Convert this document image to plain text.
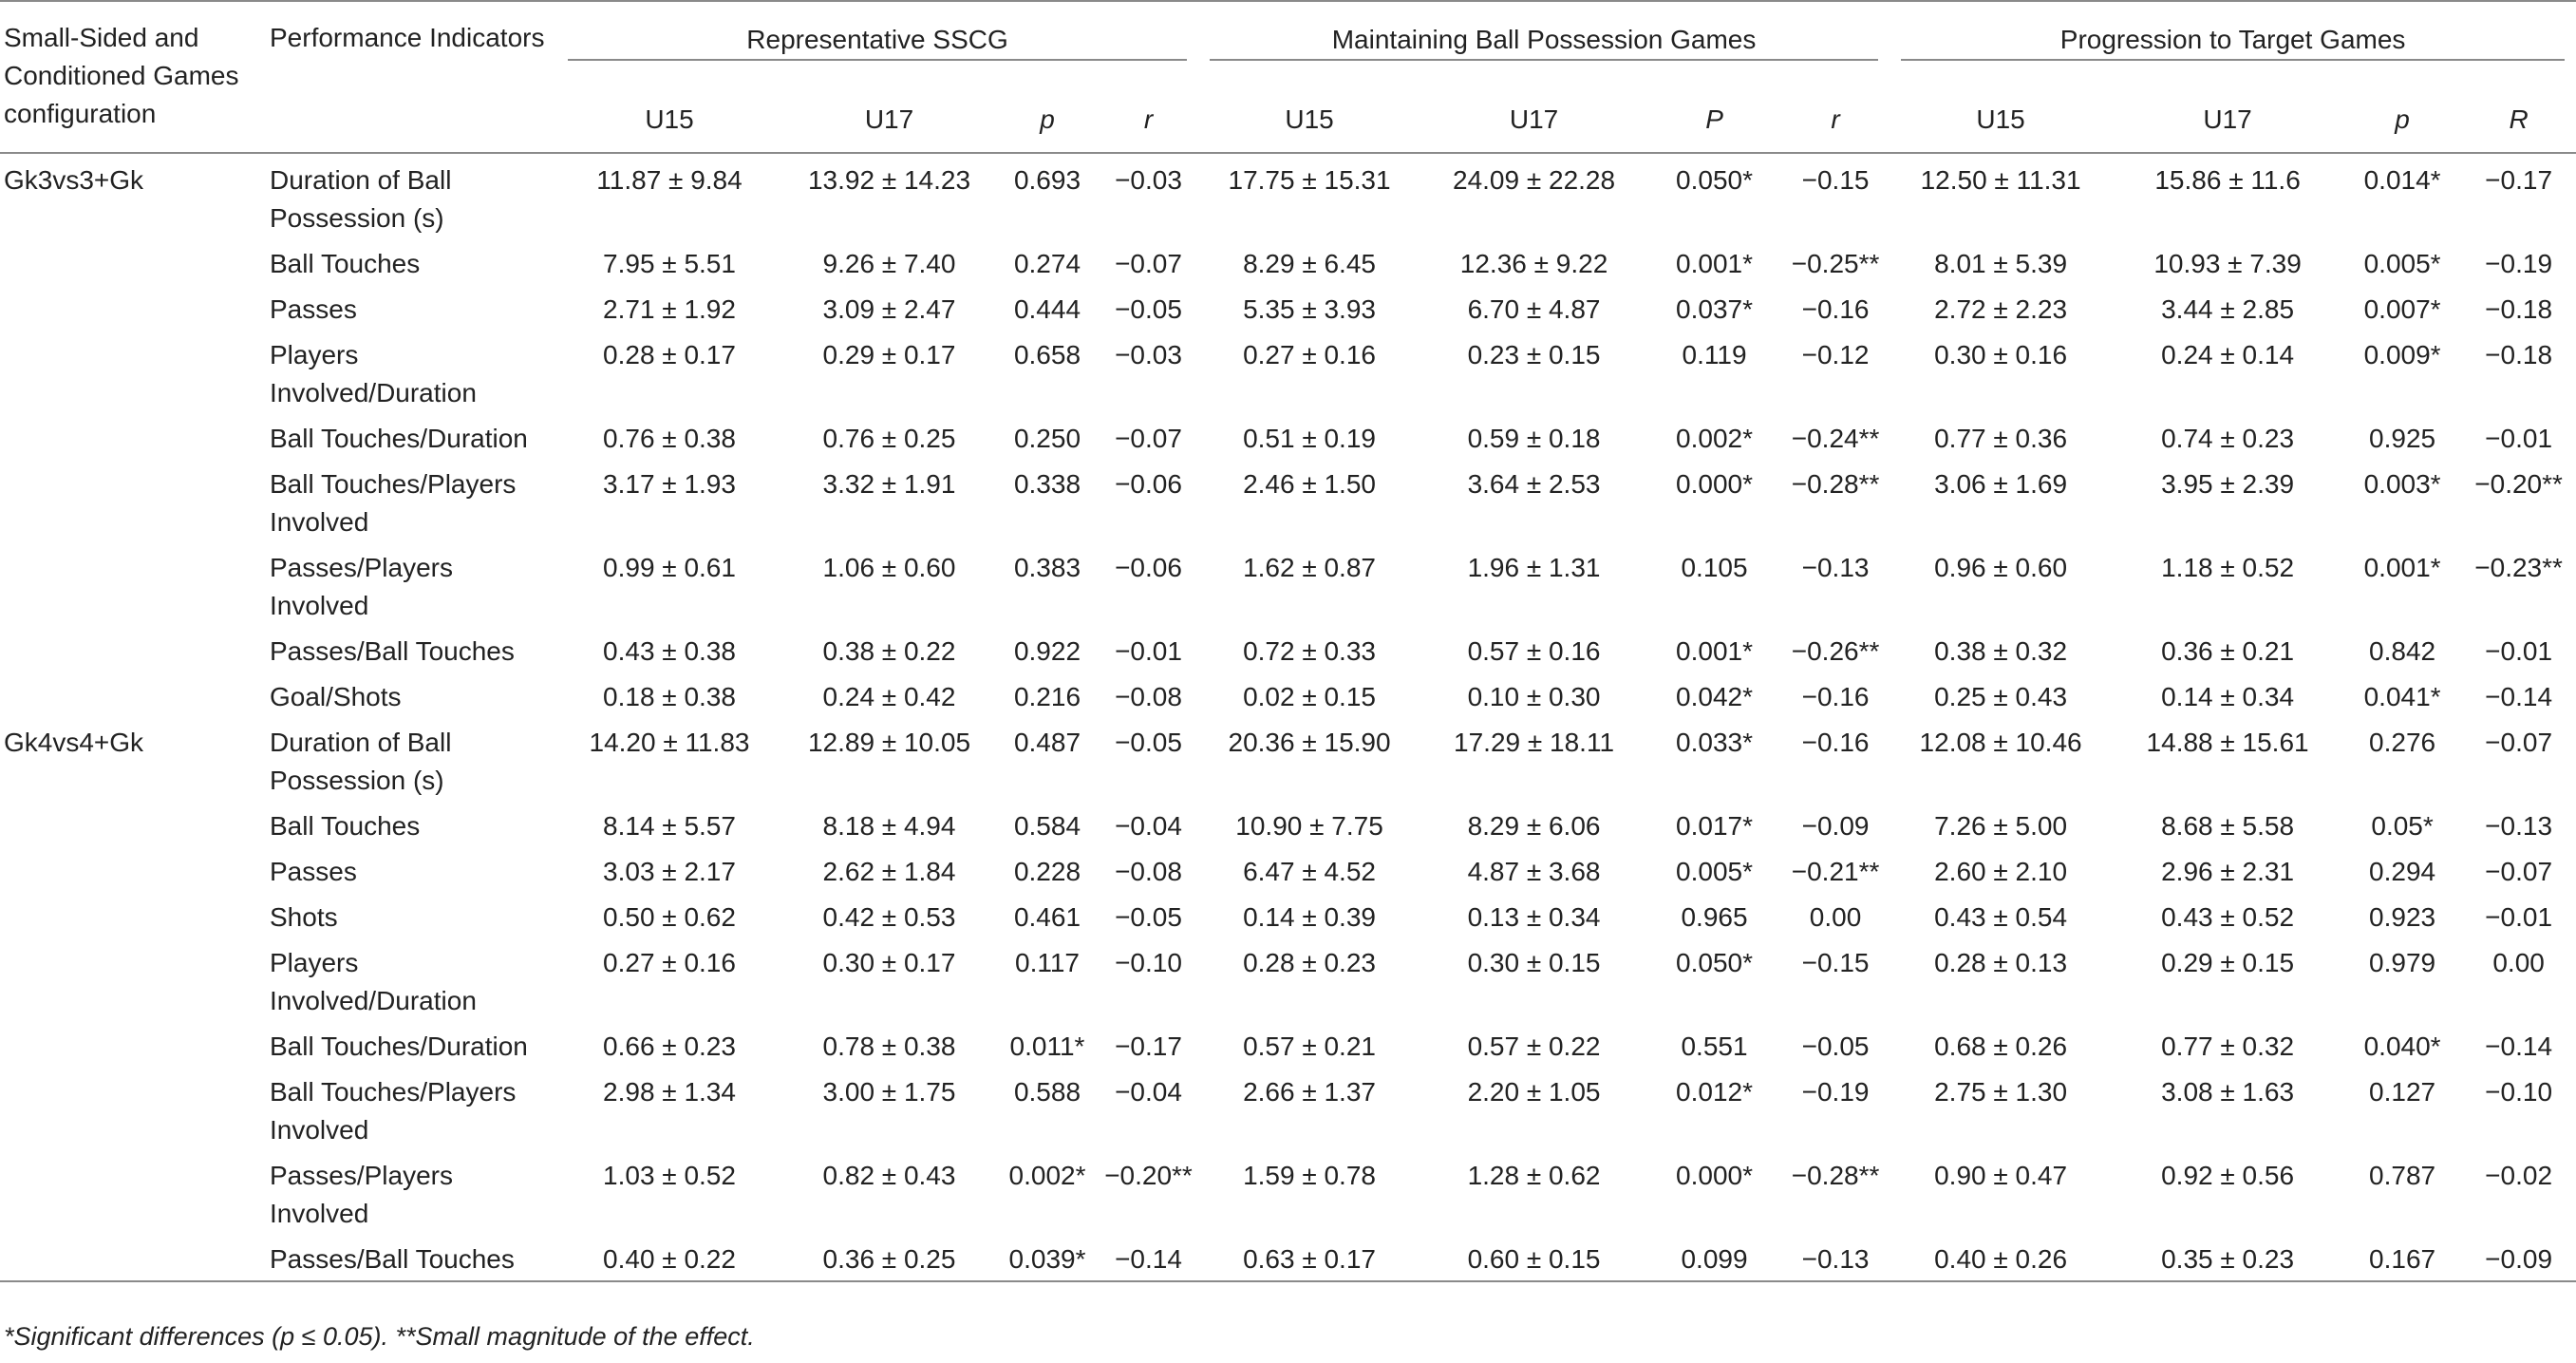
Small-Sided and Conditioned Games configuration	Performance Indicators	Representative SSCG				Maintaining Ball Possession Games				Progression to Target Games			

		U15	U17	p	r	U15	U17	P	r	U15	U17	p	R
Gk3vs3+Gk	Duration of Ball Possession (s)	11.87 ± 9.84	13.92 ± 14.23	0.693	−0.03	17.75 ± 15.31	24.09 ± 22.28	0.050*	−0.15	12.50 ± 11.31	15.86 ± 11.6	0.014*	−0.17
	Ball Touches	7.95 ± 5.51	9.26 ± 7.40	0.274	−0.07	8.29 ± 6.45	12.36 ± 9.22	0.001*	−0.25**	8.01 ± 5.39	10.93 ± 7.39	0.005*	−0.19
	Passes	2.71 ± 1.92	3.09 ± 2.47	0.444	−0.05	5.35 ± 3.93	6.70 ± 4.87	0.037*	−0.16	2.72 ± 2.23	3.44 ± 2.85	0.007*	−0.18
	Players Involved/Duration	0.28 ± 0.17	0.29 ± 0.17	0.658	−0.03	0.27 ± 0.16	0.23 ± 0.15	0.119	−0.12	0.30 ± 0.16	0.24 ± 0.14	0.009*	−0.18
	Ball Touches/Duration	0.76 ± 0.38	0.76 ± 0.25	0.250	−0.07	0.51 ± 0.19	0.59 ± 0.18	0.002*	−0.24**	0.77 ± 0.36	0.74 ± 0.23	0.925	−0.01
	Ball Touches/Players Involved	3.17 ± 1.93	3.32 ± 1.91	0.338	−0.06	2.46 ± 1.50	3.64 ± 2.53	0.000*	−0.28**	3.06 ± 1.69	3.95 ± 2.39	0.003*	−0.20**
	Passes/Players Involved	0.99 ± 0.61	1.06 ± 0.60	0.383	−0.06	1.62 ± 0.87	1.96 ± 1.31	0.105	−0.13	0.96 ± 0.60	1.18 ± 0.52	0.001*	−0.23**
	Passes/Ball Touches	0.43 ± 0.38	0.38 ± 0.22	0.922	−0.01	0.72 ± 0.33	0.57 ± 0.16	0.001*	−0.26**	0.38 ± 0.32	0.36 ± 0.21	0.842	−0.01
	Goal/Shots	0.18 ± 0.38	0.24 ± 0.42	0.216	−0.08	0.02 ± 0.15	0.10 ± 0.30	0.042*	−0.16	0.25 ± 0.43	0.14 ± 0.34	0.041*	−0.14
Gk4vs4+Gk	Duration of Ball Possession (s)	14.20 ± 11.83	12.89 ± 10.05	0.487	−0.05	20.36 ± 15.90	17.29 ± 18.11	0.033*	−0.16	12.08 ± 10.46	14.88 ± 15.61	0.276	−0.07
	Ball Touches	8.14 ± 5.57	8.18 ± 4.94	0.584	−0.04	10.90 ± 7.75	8.29 ± 6.06	0.017*	−0.09	7.26 ± 5.00	8.68 ± 5.58	0.05*	−0.13
	Passes	3.03 ± 2.17	2.62 ± 1.84	0.228	−0.08	6.47 ± 4.52	4.87 ± 3.68	0.005*	−0.21**	2.60 ± 2.10	2.96 ± 2.31	0.294	−0.07
	Shots	0.50 ± 0.62	0.42 ± 0.53	0.461	−0.05	0.14 ± 0.39	0.13 ± 0.34	0.965	0.00	0.43 ± 0.54	0.43 ± 0.52	0.923	−0.01
	Players Involved/Duration	0.27 ± 0.16	0.30 ± 0.17	0.117	−0.10	0.28 ± 0.23	0.30 ± 0.15	0.050*	−0.15	0.28 ± 0.13	0.29 ± 0.15	0.979	0.00
	Ball Touches/Duration	0.66 ± 0.23	0.78 ± 0.38	0.011*	−0.17	0.57 ± 0.21	0.57 ± 0.22	0.551	−0.05	0.68 ± 0.26	0.77 ± 0.32	0.040*	−0.14
	Ball Touches/Players Involved	2.98 ± 1.34	3.00 ± 1.75	0.588	−0.04	2.66 ± 1.37	2.20 ± 1.05	0.012*	−0.19	2.75 ± 1.30	3.08 ± 1.63	0.127	−0.10
	Passes/Players Involved	1.03 ± 0.52	0.82 ± 0.43	0.002*	−0.20**	1.59 ± 0.78	1.28 ± 0.62	0.000*	−0.28**	0.90 ± 0.47	0.92 ± 0.56	0.787	−0.02
	Passes/Ball Touches	0.40 ± 0.22	0.36 ± 0.25	0.039*	−0.14	0.63 ± 0.17	0.60 ± 0.15	0.099	−0.13	0.40 ± 0.26	0.35 ± 0.23	0.167	−0.09
*Significant differences (p ≤ 0.05). **Small magnitude of the effect.
